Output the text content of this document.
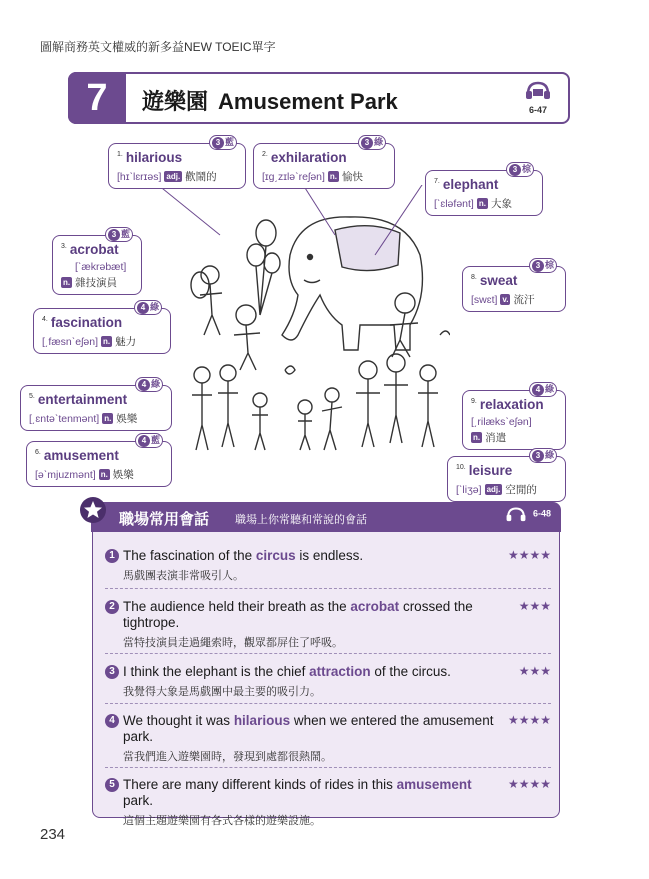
圖解商務英文權威的新多益NEW TOEIC單字
7	遊樂園 Amusement Park	6-47
3 藍
$^{1.}$ hilarious
[hɪˋlɛrɪəs] adj. 歡鬧的
3 綠
$^{2.}$ exhilaration
[ɪg͵zɪləˋreʃən] n. 愉快
3 棕
$^{7.}$ elephant
[ˋɛləfənt] n. 大象
3 藍
$^{3.}$ acrobat
[ˋækrəbæt]
n. 雜技演員
3 棕
$^{8.}$ sweat
[swɛt] v. 流汗
4 綠
$^{4.}$ fascination
[͵fæsnˋeʃən] n. 魅力
4 綠
$^{5.}$ entertainment
[͵ɛntəˋtenmənt] n. 娛樂
4 綠
$^{9.}$ relaxation
[͵rilæksˋeʃən]
n. 消遣
4 藍
$^{6.}$ amusement
[əˋmjuzmənt] n. 娛樂
3 綠
$^{10.}$ leisure
[ˋliʒə] adj. 空閒的
職場常用會話 職場上你常聽和常說的會話
6-48
1 The fascination of the circus is endless.
馬戲團表演非常吸引人。
★★★★
2 The audience held their breath as the acrobat crossed the tightrope.
當特技演員走過繩索時，觀眾都屏住了呼吸。
★★★
3 I think the elephant is the chief attraction of the circus.
我覺得大象是馬戲團中最主要的吸引力。
★★★
4 We thought it was hilarious when we entered the amusement park.
當我們進入遊樂園時，發現到處都很熱鬧。
★★★★
5 There are many different kinds of rides in this amusement park.
這個主題遊樂園有各式各樣的遊樂設施。
★★★★
234
